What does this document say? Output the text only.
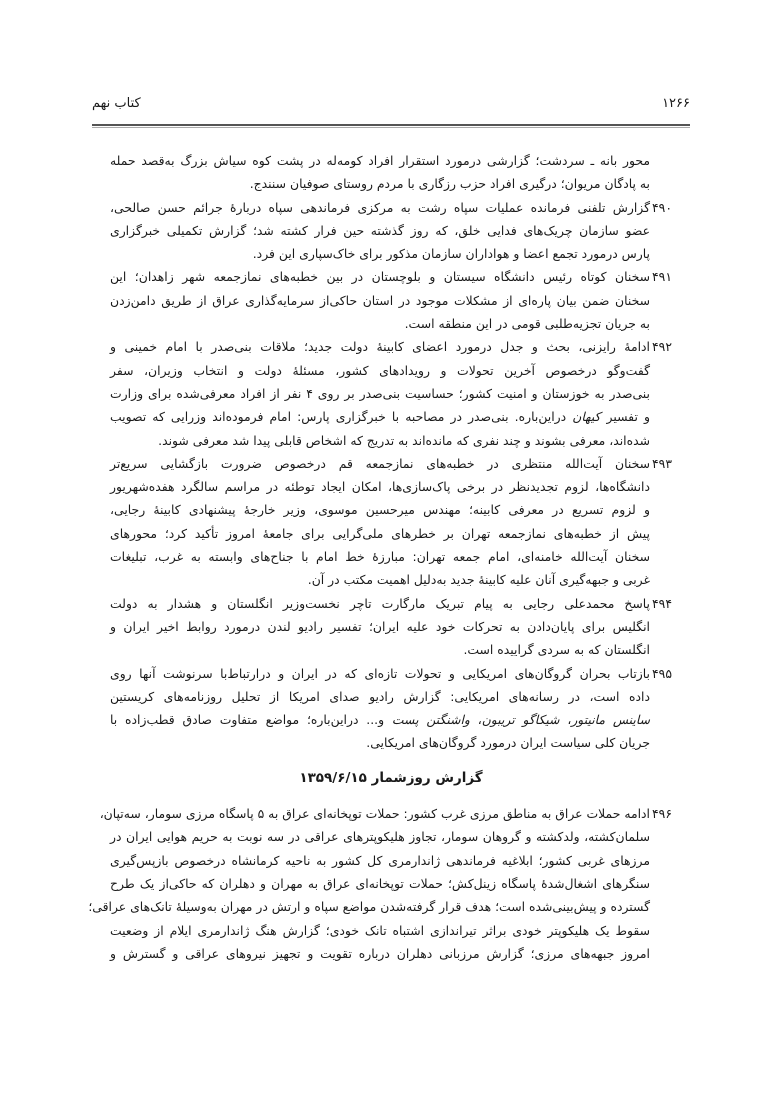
۱۲۶۶
کتاب نهم
محور بانه ـ سردشت؛ گزارشی درمورد استقرار افراد کومه‌له در پشت کوه سیاش بزرگ به‌قصد حمله
به پادگان مریوان؛ درگیری افراد حزب رزگاری با مردم روستای صوفیان سنندج.
۴۹۰
گزارش تلفنی فرمانده عملیات سپاه رشت به مرکزی فرماندهی سپاه دربارهٔ جرائم حسن صالحی،
عضو سازمان چریک‌های فدایی خلق، که روز گذشته حین فرار کشته شد؛ گزارش تکمیلی خبرگزاری
پارس درمورد تجمع اعضا و هواداران سازمان مذکور برای خاک‌سپاری این فرد.
۴۹۱
سخنان کوتاه رئیس دانشگاه سیستان و بلوچستان در بین خطبه‌های نمازجمعه شهر زاهدان؛ این
سخنان ضمن بیان پاره‌ای از مشکلات موجود در استان حاکی‌از سرمایه‌گذاری عراق از طریق دامن‌زدن
به جریان تجزیه‌طلبی قومی در این منطقه است.
۴۹۲
ادامهٔ رایزنی، بحث و جدل درمورد اعضای کابینهٔ دولت جدید؛ ملاقات بنی‌صدر با امام خمینی و
گفت‌وگو درخصوص آخرین تحولات و رویدادهای کشور، مسئلهٔ دولت و انتخاب وزیران، سفر
بنی‌صدر به خوزستان و امنیت کشور؛ حساسیت بنی‌صدر بر روی ۴ نفر از افراد معرفی‌شده برای وزارت
و تفسیر کیهان دراین‌باره. بنی‌صدر در مصاحبه با خبرگزاری پارس: امام فرموده‌اند وزرایی که تصویب
شده‌اند، معرفی بشوند و چند نفری که مانده‌اند به تدریج که اشخاص قابلی پیدا شد معرفی شوند.
۴۹۳
سخنان آیت‌الله منتظری در خطبه‌های نمازجمعه قم درخصوص ضرورت بازگشایی سریع‌تر
دانشگاه‌ها، لزوم تجدیدنظر در برخی پاک‌سازی‌ها، امکان ایجاد توطئه در مراسم سالگرد هفده‌شهریور
و لزوم تسریع در معرفی کابینه؛ مهندس میرحسین موسوی، وزیر خارجهٔ پیشنهادی کابینهٔ رجایی،
پیش از خطبه‌های نمازجمعه تهران بر خطرهای ملی‌گرایی برای جامعهٔ امروز تأکید کرد؛ محورهای
سخنان آیت‌الله خامنه‌ای، امام جمعه تهران: مبارزهٔ خط امام با جناح‌های وابسته به غرب، تبلیغات
غربی و جبهه‌گیری آنان علیه کابینهٔ جدید به‌دلیل اهمیت مکتب در آن.
۴۹۴
پاسخ محمدعلی رجایی به پیام تبریک مارگارت تاچر نخست‌وزیر انگلستان و هشدار به دولت
انگلیس برای پایان‌دادن به تحرکات خود علیه ایران؛ تفسیر رادیو لندن درمورد روابط اخیر ایران و
انگلستان که به سردی گراییده است.
۴۹۵
بازتاب بحران گروگان‌های امریکایی و تحولات تازه‌ای که در ایران و درارتباط‌با سرنوشت آنها روی
داده است، در رسانه‌های امریکایی: گزارش رادیو صدای امریکا از تحلیل روزنامه‌های کریستین
ساینس مانیتور، شیکاگو تریبون، واشنگتن پست و... دراین‌باره؛ مواضع متفاوت صادق قطب‌زاده با
جریان کلی سیاست ایران درمورد گروگان‌های امریکایی.
گزارش روزشمار ۱۳۵۹/۶/۱۵
۴۹۶
ادامه حملات عراق به مناطق مرزی غرب کشور: حملات توپخانه‌ای عراق به ۵ پاسگاه مرزی سومار، سه‌تپان،
سلمان‌کشته، ولدکشته و گروهان سومار، تجاوز هلیکوپترهای عراقی در سه نوبت به حریم هوایی ایران در
مرزهای غربی کشور؛ ابلاغیه فرماندهی ژاندارمری کل کشور به ناحیه کرمانشاه درخصوص بازپس‌گیری
سنگرهای اشغال‌شدهٔ پاسگاه زینل‌کش؛ حملات توپخانه‌ای عراق به مهران و دهلران که حاکی‌از یک طرح
گسترده و پیش‌بینی‌شده است؛ هدف قرار گرفته‌شدن مواضع سپاه و ارتش در مهران به‌وسیلهٔ تانک‌های عراقی؛
سقوط یک هلیکوپتر خودی براثر تیراندازی اشتباه تانک خودی؛ گزارش هنگ ژاندارمری ایلام از وضعیت
امروز جبهه‌های مرزی؛ گزارش مرزبانی دهلران درباره تقویت و تجهیز نیروهای عراقی و گسترش و
